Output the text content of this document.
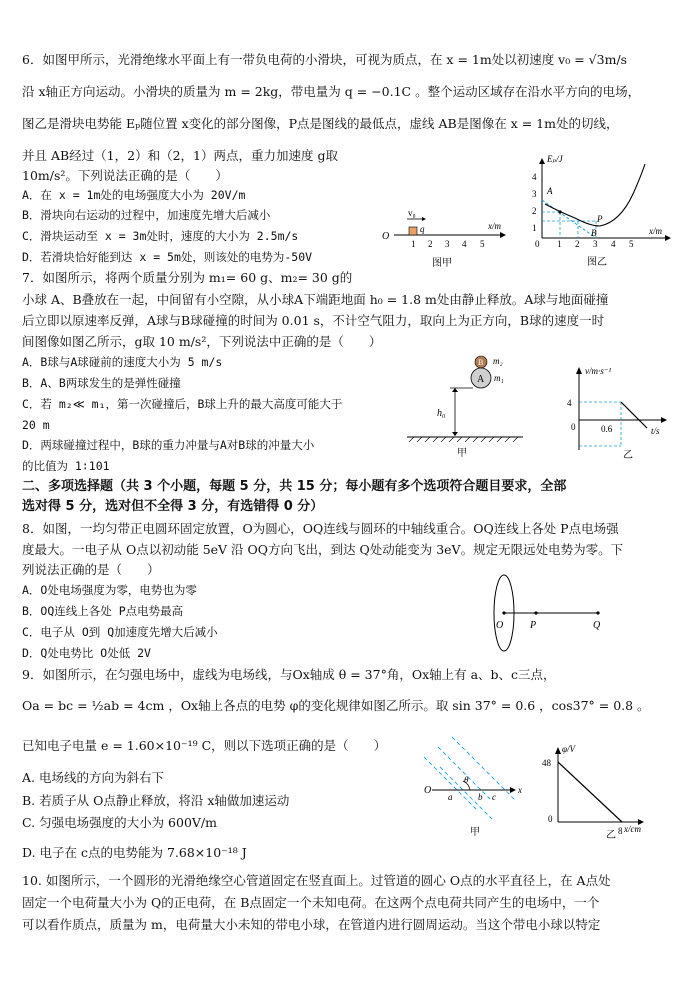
6．如图甲所示，光滑绝缘水平面上有一带负电荷的小滑块，可视为质点，在 x = 1m处以初速度 v₀ = √3m/s
沿 x轴正方向运动。小滑块的质量为 m = 2kg，带电量为 q = −0.1C 。整个运动区域存在沿水平方向的电场，
图乙是滑块电势能 Eₚ随位置 x变化的部分图像，P点是图线的最低点，虚线 AB是图像在 x = 1m处的切线，
并且 AB经过（1，2）和（2，1）两点，重力加速度 g取
10m/s²。下列说法正确的是（　　）
A．在 x = 1m处的电场强度大小为 20V/m
B．滑块向右运动的过程中，加速度先增大后减小
C．滑块运动至 x = 3m处时，速度的大小为 2.5m/s
D．若滑块恰好能到达 x = 5m处，则该处的电势为-50V
v₀
q	x/m
O
1 2 3 4 5
图甲
Eₚ/J
4
3
2
1
A
P
B
0 1 2 3 4 5
x/m
图乙
7．如图所示，将两个质量分别为 m₁= 60 g、m₂= 30 g的
小球 A、B叠放在一起，中间留有小空隙，从小球A下端距地面 h₀ = 1.8 m处由静止释放。A球与地面碰撞
后立即以原速率反弹，A球与B球碰撞的时间为 0.01 s，不计空气阻力，取向上为正方向，B球的速度一时
间图像如图乙所示，g取 10 m/s²，下列说法中正确的是（　　）
A．B球与A球碰前的速度大小为 5 m/s
B．A、B两球发生的是弹性碰撞
C．若 m₂≪ m₁，第一次碰撞后，B球上升的最大高度可能大于
20 m
D．两球碰撞过程中，B球的重力冲量与A对B球的冲量大小
的比值为 1∶101
B
A
m₂
m₁
h₀
甲
v/m·s⁻¹
4
0	0.6	t/s
乙
二、多项选择题（共 3 个小题，每题 5 分，共 15 分；每小题有多个选项符合题目要求，全部
选对得 5 分，选对但不全得 3 分，有选错得 0 分）
8．如图，一均匀带正电圆环固定放置，O为圆心，OQ连线与圆环的中轴线重合。OQ连线上各处 P点电场强
度最大。一电子从 O点以初动能 5eV 沿 OQ方向飞出，到达 Q处动能变为 3eV。规定无限远处电势为零。下
列说法正确的是（　　）
A．O处电场强度为零，电势也为零
B．OQ连线上各处 P点电势最高
C．电子从 O到 Q加速度先增大后减小
D．Q处电势比 O处低 2V
O	P	Q
9．如图所示，在匀强电场中，虚线为电场线，与Ox轴成 θ = 37°角，Ox轴上有 a、b、c三点，
Oa = bc = ½ab = 4cm ，Ox轴上各点的电势 φ的变化规律如图乙所示。取 sin 37° = 0.6 ，cos37° = 0.8 。
已知电子电量 e = 1.60×10⁻¹⁹ C，则以下选项正确的是（　　）
A. 电场线的方向为斜右下
B. 若质子从 O点静止释放，将沿 x轴做加速运动
C. 匀强电场强度的大小为 600V/m
D. 电子在 c点的电势能为 7.68×10⁻¹⁸ J
O
a	b c
x
θ
甲
φ/V
48
0
8 x/cm
乙
10. 如图所示，一个圆形的光滑绝缘空心管道固定在竖直面上。过管道的圆心 O点的水平直径上，在 A点处
固定一个电荷量大小为 Q的正电荷，在 B点固定一个未知电荷。在这两个点电荷共同产生的电场中，一个
可以看作质点，质量为 m，电荷量大小未知的带电小球，在管道内进行圆周运动。当这个带电小球以特定
